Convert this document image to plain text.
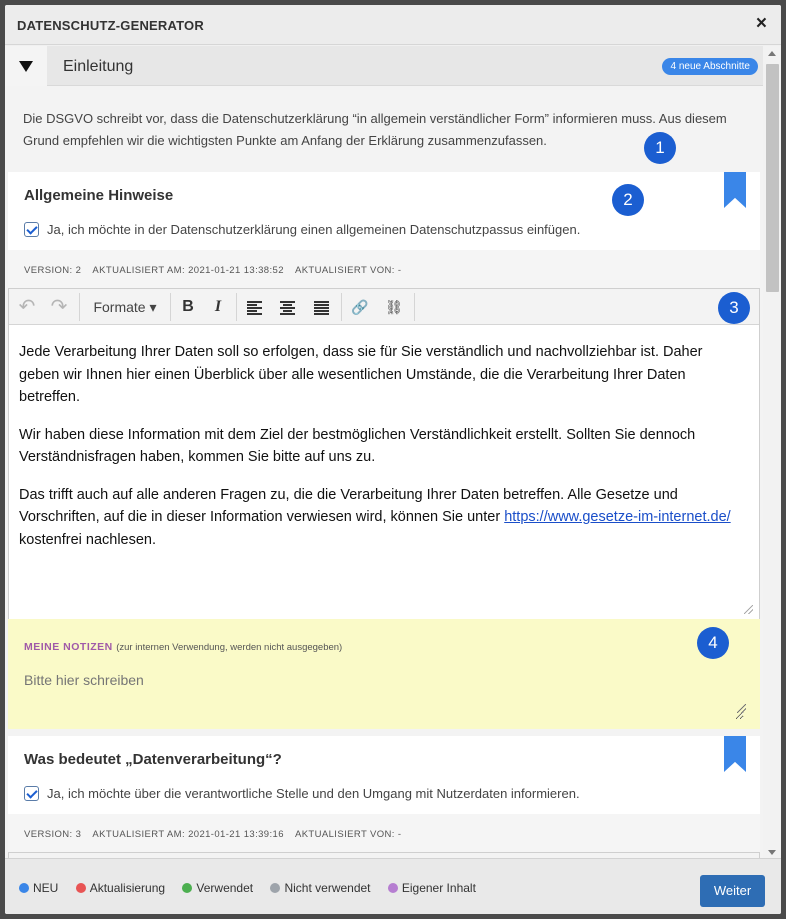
DATENSCHUTZ-GENERATOR	×
Einleitung	4 neue Abschnitte
Die DSGVO schreibt vor, dass die Datenschutzerklärung “in allgemein verständlicher Form” informieren muss. Aus diesem Grund empfehlen wir die wichtigsten Punkte am Anfang der Erklärung zusammenzufassen.	1
Allgemeine Hinweise
Ja, ich möchte in der Datenschutzerklärung einen allgemeinen Datenschutzpassus einfügen.
2
VERSION: 2 AKTUALISIERT AM: 2021-01-21 13:38:52 AKTUALISIERT VON: -
↶ ↷	Formate ▾	B	I	🔗	⛓

Jede Verarbeitung Ihrer Daten soll so erfolgen, dass sie für Sie verständlich und nachvollziehbar ist. Daher geben wir Ihnen hier einen Überblick über alle wesentlichen Umstände, die die Verarbeitung Ihrer Daten betreffen.

Wir haben diese Information mit dem Ziel der bestmöglichen Verständlichkeit erstellt. Sollten Sie dennoch Verständnisfragen haben, kommen Sie bitte auf uns zu.

Das trifft auch auf alle anderen Fragen zu, die die Verarbeitung Ihrer Daten betreffen. Alle Gesetze und Vorschriften, auf die in dieser Information verwiesen wird, können Sie unter https://www.gesetze-im-internet.de/ kostenfrei nachlesen.

3
MEINE NOTIZEN (zur internen Verwendung, werden nicht ausgegeben)
Bitte hier schreiben	4
Was bedeutet „Datenverarbeitung“?
Ja, ich möchte über die verantwortliche Stelle und den Umgang mit Nutzerdaten informieren.
VERSION: 3 AKTUALISIERT AM: 2021-01-21 13:39:16 AKTUALISIERT VON: -
NEU	Aktualisierung	Verwendet	Nicht verwendet	Eigener Inhalt	Weiter
